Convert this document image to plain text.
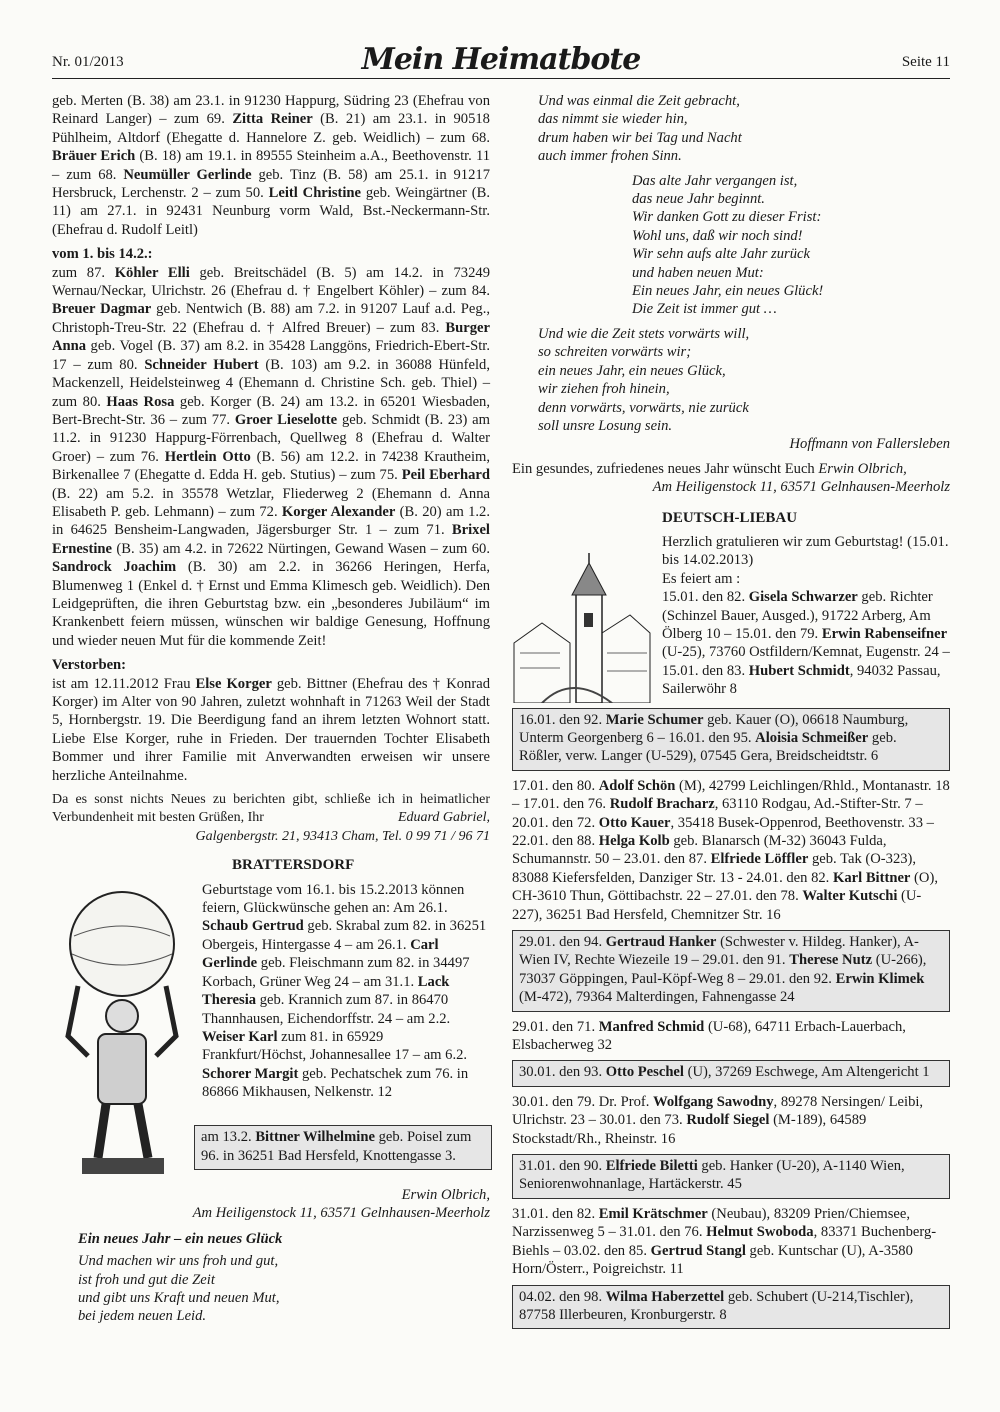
Nr. 01/2013	Mein Heimatbote	Seite 11

geb. Merten (B. 38) am 23.1. in 91230 Happurg, Südring 23 (Ehefrau von Reinard Langer) – zum 69. Zitta Reiner (B. 21) am 23.1. in 90518 Pühlheim, Altdorf (Ehegatte d. Hannelore Z. geb. Weidlich) – zum 68. Bräuer Erich (B. 18) am 19.1. in 89555 Steinheim a.A., Beethovenstr. 11 – zum 68. Neumüller Gerlinde geb. Tinz (B. 58) am 25.1. in 91217 Hersbruck, Lerchenstr. 2 – zum 50. Leitl Christine geb. Weingärtner (B. 11) am 27.1. in 92431 Neunburg vorm Wald, Bst.-Neckermann-Str. (Ehefrau d. Rudolf Leitl)

vom 1. bis 14.2.:

zum 87. Köhler Elli geb. Breitschädel (B. 5) am 14.2. in 73249 Wernau/Neckar, Ulrichstr. 26 (Ehefrau d. † Engelbert Köhler) – zum 84. Breuer Dagmar geb. Nentwich (B. 88) am 7.2. in 91207 Lauf a.d. Peg., Christoph-Treu-Str. 22 (Ehefrau d. † Alfred Breuer) – zum 83. Burger Anna geb. Vogel (B. 37) am 8.2. in 35428 Langgöns, Friedrich-Ebert-Str. 17 – zum 80. Schneider Hubert (B. 103) am 9.2. in 36088 Hünfeld, Mackenzell, Heidelsteinweg 4 (Ehemann d. Christine Sch. geb. Thiel) – zum 80. Haas Rosa geb. Korger (B. 24) am 13.2. in 65201 Wiesbaden, Bert-Brecht-Str. 36 – zum 77. Groer Lieselotte geb. Schmidt (B. 23) am 11.2. in 91230 Happurg-Förrenbach, Quellweg 8 (Ehefrau d. Walter Groer) – zum 76. Hertlein Otto (B. 56) am 12.2. in 74238 Krautheim, Birkenallee 7 (Ehegatte d. Edda H. geb. Stutius) – zum 75. Peil Eberhard (B. 22) am 5.2. in 35578 Wetzlar, Fliederweg 2 (Ehemann d. Anna Elisabeth P. geb. Lehmann) – zum 72. Korger Alexander (B. 20) am 1.2. in 64625 Bensheim-Langwaden, Jägersburger Str. 1 – zum 71. Brixel Ernestine (B. 35) am 4.2. in 72622 Nürtingen, Gewand Wasen – zum 60. Sandrock Joachim (B. 30) am 2.2. in 36266 Heringen, Herfa, Blumenweg 1 (Enkel d. † Ernst und Emma Klimesch geb. Weidlich). Den Leidgeprüften, die ihren Geburtstag bzw. ein „besonderes Jubiläum“ im Krankenbett feiern müssen, wünschen wir baldige Genesung, Hoffnung und wieder neuen Mut für die kommende Zeit!

Verstorben:

ist am 12.11.2012 Frau Else Korger geb. Bittner (Ehefrau des † Konrad Korger) im Alter von 90 Jahren, zuletzt wohnhaft in 71263 Weil der Stadt 5, Hornbergstr. 19. Die Beerdigung fand an ihrem letzten Wohnort statt. Liebe Else Korger, ruhe in Frieden. Der trauernden Tochter Elisabeth Bommer und ihrer Familie mit Anverwandten erweisen wir unsere herzliche Anteilnahme.

Da es sonst nichts Neues zu berichten gibt, schließe ich in heimatlicher Verbundenheit mit besten Grüßen, Ihr	Eduard Gabriel,

Galgenbergstr. 21, 93413 Cham, Tel. 0 99 71 / 96 71

BRATTERSDORF

Geburtstage vom 16.1. bis 15.2.2013 können feiern, Glückwünsche gehen an: Am 26.1. Schaub Gertrud geb. Skrabal zum 82. in 36251 Obergeis, Hintergasse 4 – am 26.1. Carl Gerlinde geb. Fleischmann zum 82. in 34497 Korbach, Grüner Weg 24 – am 31.1. Lack Theresia geb. Krannich zum 87. in 86470 Thannhausen, Eichendorffstr. 24 – am 2.2. Weiser Karl zum 81. in 65929 Frankfurt/Höchst, Johannesallee 17 – am 6.2. Schorer Margit geb. Pechatschek zum 76. in 86866 Mikhausen, Nelkenstr. 12

am 13.2. Bittner Wilhelmine geb. Poisel zum 96. in 36251 Bad Hersfeld, Knottengasse 3.

Erwin Olbrich,

Am Heiligenstock 11, 63571 Gelnhausen-Meerholz

Ein neues Jahr – ein neues Glück

Und machen wir uns froh und gut,
ist froh und gut die Zeit
und gibt uns Kraft und neuen Mut,
bei jedem neuen Leid.

Und was einmal die Zeit gebracht,
das nimmt sie wieder hin,
drum haben wir bei Tag und Nacht
auch immer frohen Sinn.

Das alte Jahr vergangen ist,
das neue Jahr beginnt.
Wir danken Gott zu dieser Frist:
Wohl uns, daß wir noch sind!
Wir sehn aufs alte Jahr zurück
und haben neuen Mut:
Ein neues Jahr, ein neues Glück!
Die Zeit ist immer gut …

Und wie die Zeit stets vorwärts will,
so schreiten vorwärts wir;
ein neues Jahr, ein neues Glück,
wir ziehen froh hinein,
denn vorwärts, vorwärts, nie zurück
soll unsre Losung sein.

Hoffmann von Fallersleben

Ein gesundes, zufriedenes neues Jahr wünscht Euch Erwin Olbrich,

Am Heiligenstock 11, 63571 Gelnhausen-Meerholz

DEUTSCH-LIEBAU

Herzlich gratulieren wir zum Geburtstag! (15.01. bis 14.02.2013)

Es feiert am :

15.01. den 82. Gisela Schwarzer geb. Richter (Schinzel Bauer, Ausged.), 91722 Arberg, Am Ölberg 10 – 15.01. den 79. Erwin Rabenseifner (U-25), 73760 Ostfildern/Kemnat, Eugenstr. 24 – 15.01. den 83. Hubert Schmidt, 94032 Passau, Sailerwöhr 8

16.01. den 92. Marie Schumer geb. Kauer (O), 06618 Naumburg, Unterm Georgenberg 6 – 16.01. den 95. Aloisia Schmeißer geb. Rößler, verw. Langer (U-529), 07545 Gera, Breidscheidtstr. 6

17.01. den 80. Adolf Schön (M), 42799 Leichlingen/Rhld., Montanastr. 18 – 17.01. den 76. Rudolf Bracharz, 63110 Rodgau, Ad.-Stifter-Str. 7 – 20.01. den 72. Otto Kauer, 35418 Busek-Oppenrod, Beethovenstr. 33 – 22.01. den 88. Helga Kolb geb. Blanarsch (M-32) 36043 Fulda, Schumannstr. 50 – 23.01. den 87. Elfriede Löffler geb. Tak (O-323), 83088 Kiefersfelden, Danziger Str. 13 - 24.01. den 82. Karl Bittner (O), CH-3610 Thun, Göttibachstr. 22 – 27.01. den 78. Walter Kutschi (U-227), 36251 Bad Hersfeld, Chemnitzer Str. 16

29.01. den 94. Gertraud Hanker (Schwester v. Hildeg. Hanker), A-Wien IV, Rechte Wiezeile 19 – 29.01. den 91. Therese Nutz (U-266), 73037 Göppingen, Paul-Köpf-Weg 8 – 29.01. den 92. Erwin Klimek (M-472), 79364 Malterdingen, Fahnengasse 24

29.01. den 71. Manfred Schmid (U-68), 64711 Erbach-Lauerbach, Elsbacherweg 32

30.01. den 93. Otto Peschel (U), 37269 Eschwege, Am Altengericht 1

30.01. den 79. Dr. Prof. Wolfgang Sawodny, 89278 Nersingen/ Leibi, Ulrichstr. 23 – 30.01. den 73. Rudolf Siegel (M-189), 64589 Stockstadt/Rh., Rheinstr. 16

31.01. den 90. Elfriede Biletti geb. Hanker (U-20), A-1140 Wien, Seniorenwohnanlage, Hartäckerstr. 45

31.01. den 82. Emil Krätschmer (Neubau), 83209 Prien/Chiemsee, Narzissenweg 5 – 31.01. den 76. Helmut Swoboda, 83371 Buchenberg-Biehls – 03.02. den 85. Gertrud Stangl geb. Kuntschar (U), A-3580 Horn/Österr., Poigreichstr. 11

04.02. den 98. Wilma Haberzettel geb. Schubert (U-214,Tischler), 87758 Illerbeuren, Kronburgerstr. 8
